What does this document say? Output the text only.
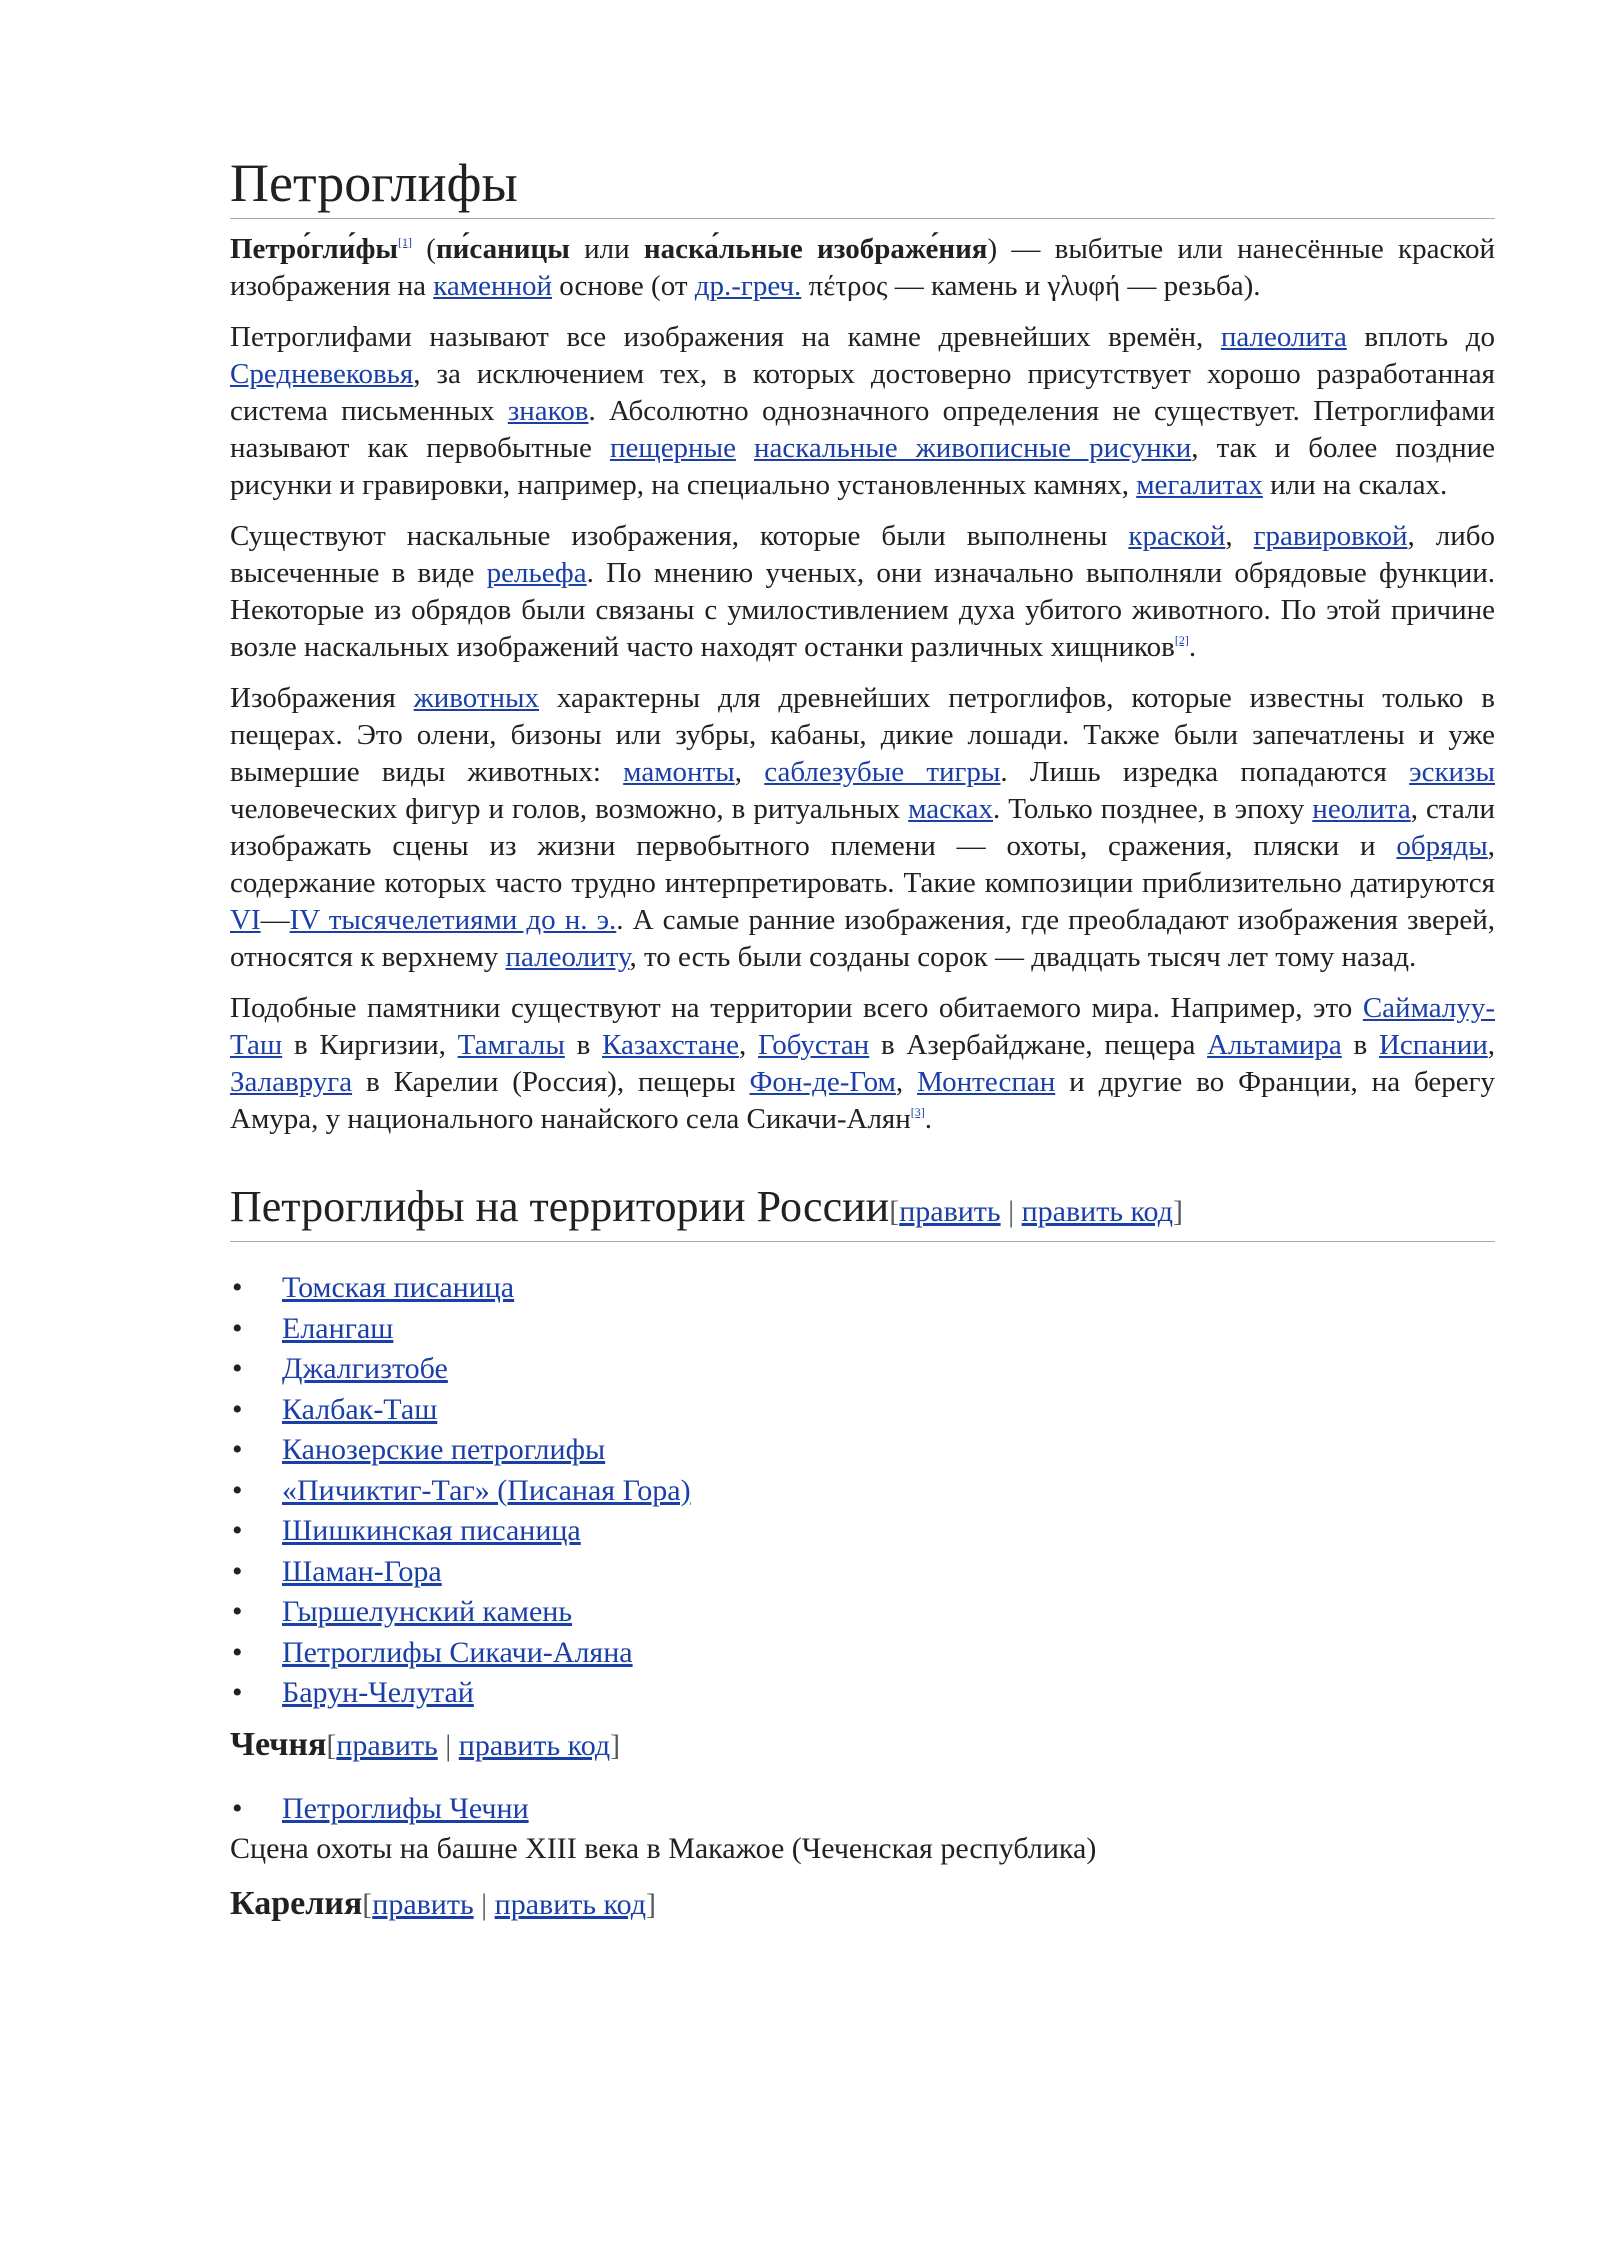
Петроглифы

Петро́гли́фы[1] (пи́саницы или наска́льные изображе́ния) — выбитые или нанесённые краской изображения на каменной основе (от др.-греч. πέτρος — камень и γλυφή — резьба).

Петроглифами называют все изображения на камне древнейших времён, палеолита вплоть до Средневековья, за исключением тех, в которых достоверно присутствует хорошо разработанная система письменных знаков. Абсолютно однозначного определения не существует. Петроглифами называют как первобытные пещерные наскальные живописные рисунки, так и более поздние рисунки и гравировки, например, на специально установленных камнях, мегалитах или на скалах.

Существуют наскальные изображения, которые были выполнены краской, гравировкой, либо высеченные в виде рельефа. По мнению ученых, они изначально выполняли обрядовые функции. Некоторые из обрядов были связаны с умилостивлением духа убитого животного. По этой причине возле наскальных изображений часто находят останки различных хищников[2].

Изображения животных характерны для древнейших петроглифов, которые известны только в пещерах. Это олени, бизоны или зубры, кабаны, дикие лошади. Также были запечатлены и уже вымершие виды животных: мамонты, саблезубые тигры. Лишь изредка попадаются эскизы человеческих фигур и голов, возможно, в ритуальных масках. Только позднее, в эпоху неолита, стали изображать сцены из жизни первобытного племени — охоты, сражения, пляски и обряды, содержание которых часто трудно интерпретировать. Такие композиции приблизительно датируются VI—IV тысячелетиями до н. э.. А самые ранние изображения, где преобладают изображения зверей, относятся к верхнему палеолиту, то есть были созданы сорок — двадцать тысяч лет тому назад.

Подобные памятники существуют на территории всего обитаемого мира. Например, это Саймалуу-Таш в Киргизии, Тамгалы в Казахстане, Гобустан в Азербайджане, пещера Альтамира в Испании, Залавруга в Карелии (Россия), пещеры Фон-де-Гом, Монтеспан и другие во Франции, на берегу Амура, у национального нанайского села Сикачи-Алян[3].

Петроглифы на территории России[править | править код]
• Томская писаница
• Елангаш
• Джалгизтобе
• Калбак-Таш
• Канозерские петроглифы
• «Пичиктиг-Таг» (Писаная Гора)
• Шишкинская писаница
• Шаман-Гора
• Гыршелунский камень
• Петроглифы Сикачи-Аляна
• Барун-Челутай
Чечня[править | править код]
• Петроглифы Чечни
Сцена охоты на башне XIII века в Макажое (Чеченская республика)
Карелия[править | править код]
